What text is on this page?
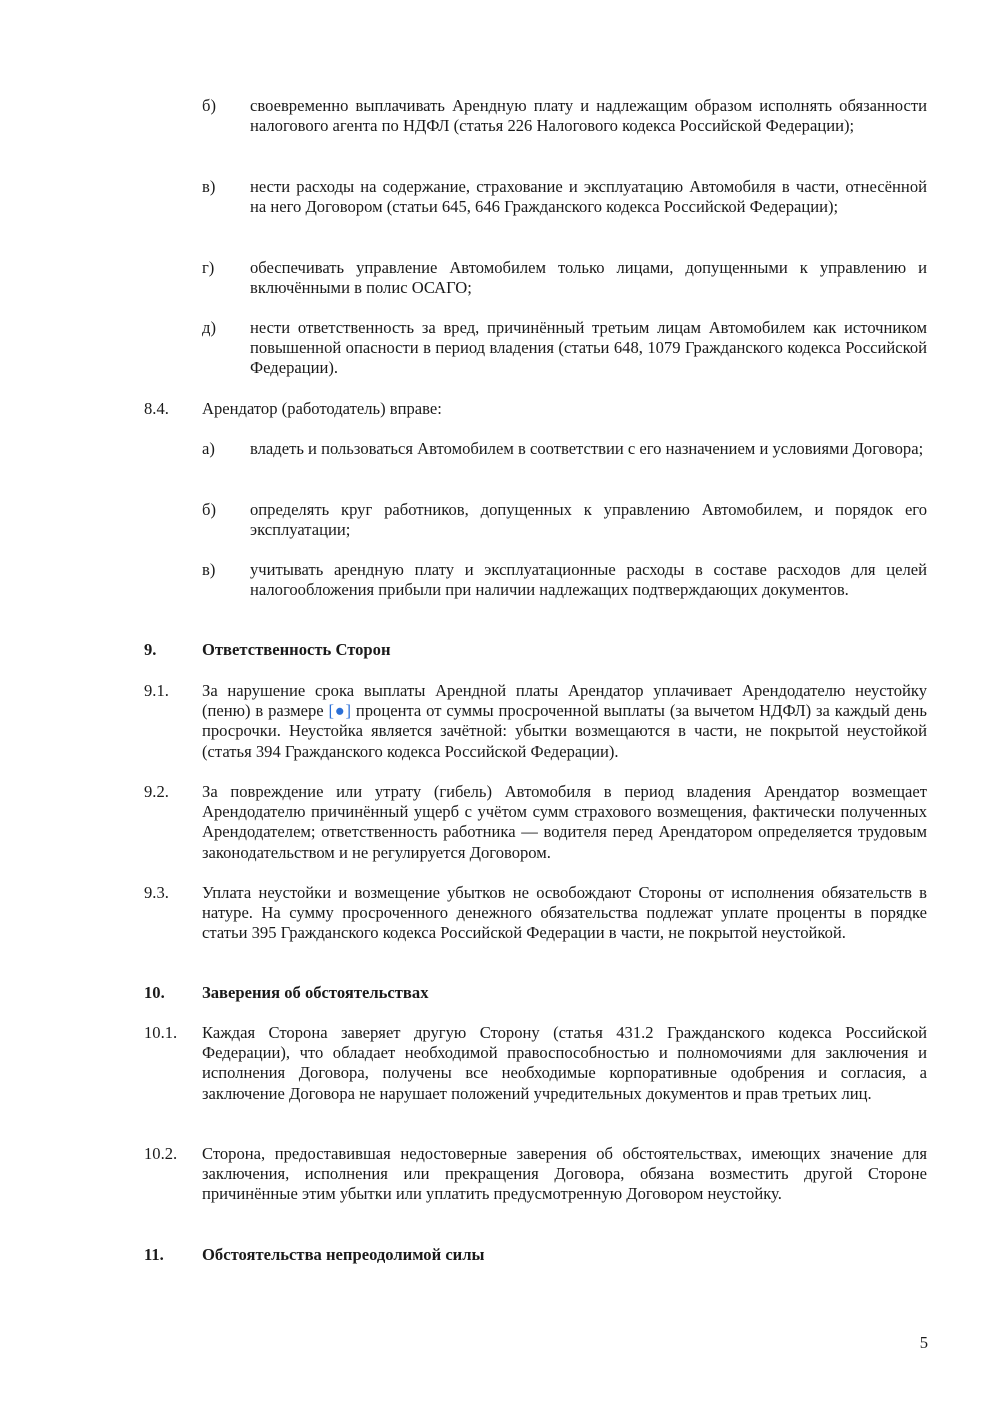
б) своевременно выплачивать Арендную плату и надлежащим образом исполнять обязанности налогового агента по НДФЛ (статья 226 Налогового кодекса Российской Федерации);
в) нести расходы на содержание, страхование и эксплуатацию Автомобиля в части, отнесённой на него Договором (статьи 645, 646 Гражданского кодекса Российской Федерации);
г) обеспечивать управление Автомобилем только лицами, допущенными к управлению и включёнными в полис ОСАГО;
д) нести ответственность за вред, причинённый третьим лицам Автомобилем как источником повышенной опасности в период владения (статьи 648, 1079 Гражданского кодекса Российской Федерации).
8.4. Арендатор (работодатель) вправе:
а) владеть и пользоваться Автомобилем в соответствии с его назначением и условиями Договора;
б) определять круг работников, допущенных к управлению Автомобилем, и порядок его эксплуатации;
в) учитывать арендную плату и эксплуатационные расходы в составе расходов для целей налогообложения прибыли при наличии надлежащих подтверждающих документов.
9.	Ответственность Сторон
9.1. За нарушение срока выплаты Арендной платы Арендатор уплачивает Арендодателю неустойку (пеню) в размере [●] процента от суммы просроченной выплаты (за вычетом НДФЛ) за каждый день просрочки. Неустойка является зачётной: убытки возмещаются в части, не покрытой неустойкой (статья 394 Гражданского кодекса Российской Федерации).
9.2. За повреждение или утрату (гибель) Автомобиля в период владения Арендатор возмещает Арендодателю причинённый ущерб с учётом сумм страхового возмещения, фактически полученных Арендодателем; ответственность работника — водителя перед Арендатором определяется трудовым законодательством и не регулируется Договором.
9.3. Уплата неустойки и возмещение убытков не освобождают Стороны от исполнения обязательств в натуре. На сумму просроченного денежного обязательства подлежат уплате проценты в порядке статьи 395 Гражданского кодекса Российской Федерации в части, не покрытой неустойкой.
10. Заверения об обстоятельствах
10.1. Каждая Сторона заверяет другую Сторону (статья 431.2 Гражданского кодекса Российской Федерации), что обладает необходимой правоспособностью и полномочиями для заключения и исполнения Договора, получены все необходимые корпоративные одобрения и согласия, а заключение Договора не нарушает положений учредительных документов и прав третьих лиц.
10.2. Сторона, предоставившая недостоверные заверения об обстоятельствах, имеющих значение для заключения, исполнения или прекращения Договора, обязана возместить другой Стороне причинённые этим убытки или уплатить предусмотренную Договором неустойку.
11. Обстоятельства непреодолимой силы
5
